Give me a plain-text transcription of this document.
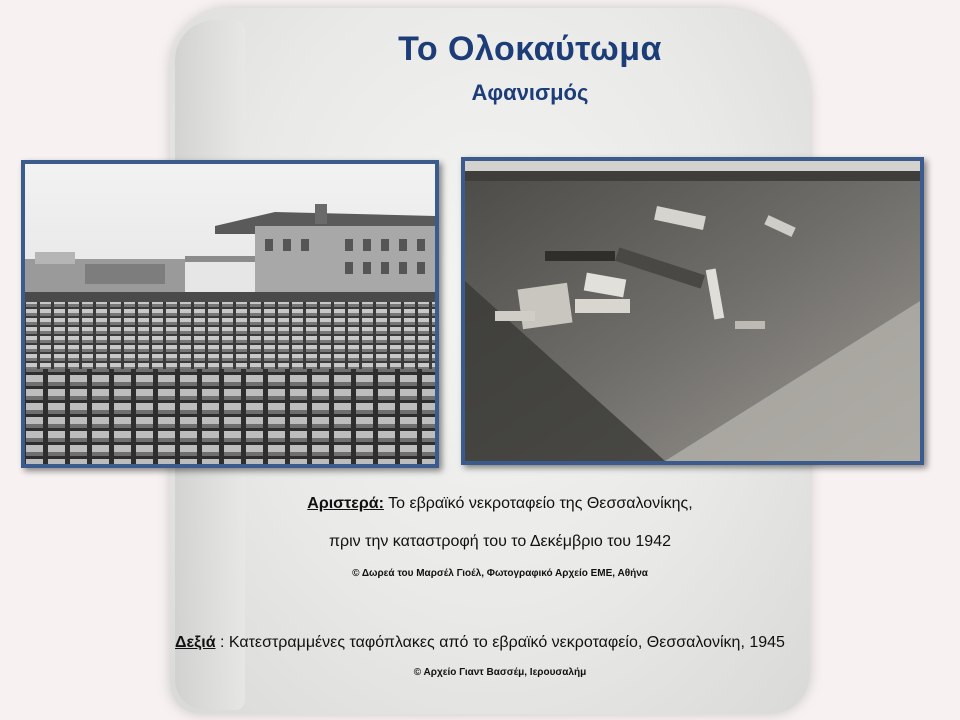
Το Ολοκαύτωμα
Αφανισμός
Αριστερά: Το εβραϊκό νεκροταφείο της Θεσσαλονίκης,
πριν την καταστροφή του το Δεκέμβριο του 1942
© Δωρεά του Μαρσέλ Γιοέλ, Φωτογραφικό Αρχείο ΕΜΕ, Αθήνα
Δεξιά : Κατεστραμμένες ταφόπλακες από το εβραϊκό νεκροταφείο, Θεσσαλονίκη, 1945
© Αρχείο Γιαντ Βασσέμ, Ιερουσαλήμ
